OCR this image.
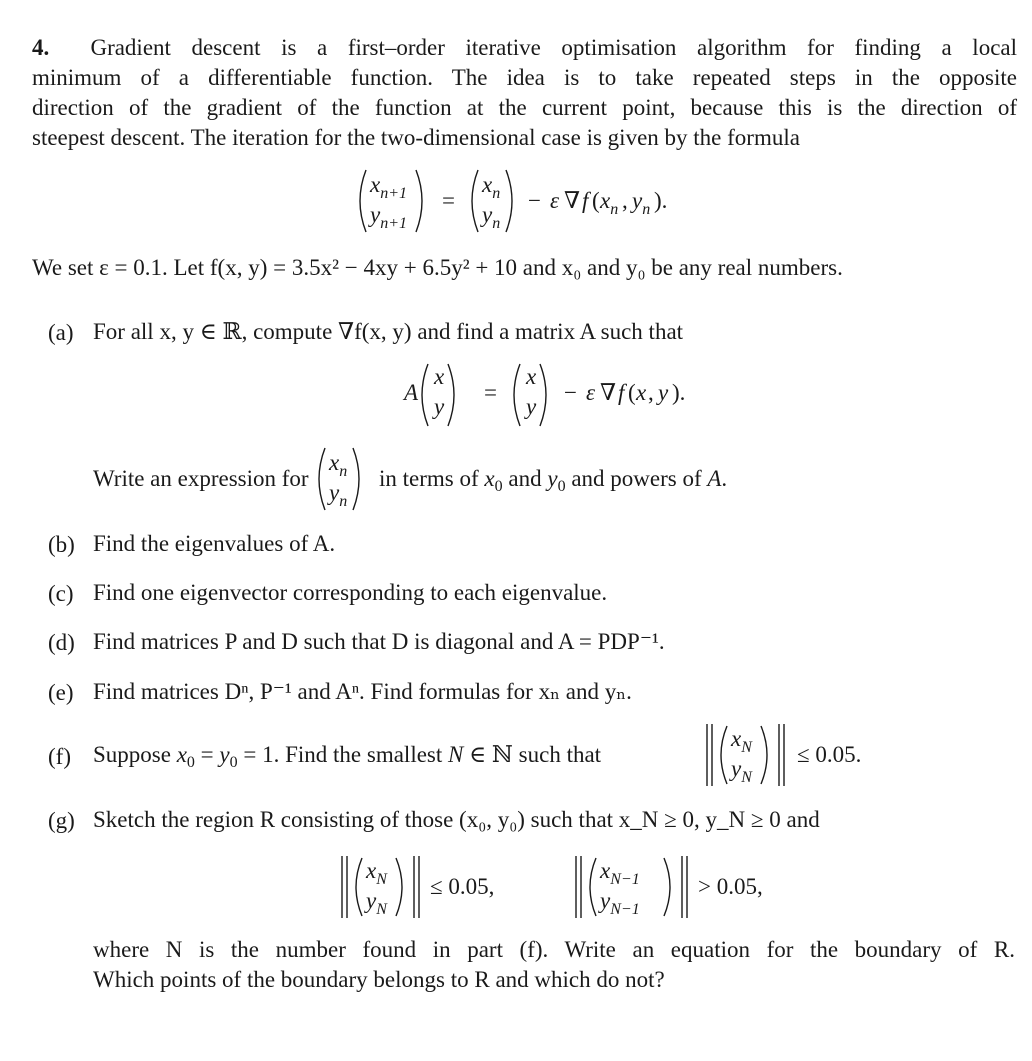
4. Gradient descent is a first–order iterative optimisation algorithm for finding a local
minimum of a differentiable function. The idea is to take repeated steps in the opposite
direction of the gradient of the function at the current point, because this is the direction of
steepest descent. The iteration for the two-dimensional case is given by the formula
$x_{n+1}$
$y_{n+1}$
=
$x_n$
$y_n$
− ε ∇ f ( $x_n$ , $y_n$ ).
We set ε = 0.1. Let f(x, y) = 3.5x² − 4xy + 6.5y² + 10 and x₀ and y₀ be any real numbers.
(a) For all x, y ∈ ℝ, compute ∇f(x, y) and find a matrix A such that
A
x
y
=
x
y
− ε ∇ f ( x , y ).
Write an expression for
$x_n$
$y_n$
in terms of $x_0$ and $y_0$ and powers of A.
(b) Find the eigenvalues of A.
(c) Find one eigenvector corresponding to each eigenvalue.
(d) Find matrices P and D such that D is diagonal and A = PDP⁻¹.
(e) Find matrices Dⁿ, P⁻¹ and Aⁿ. Find formulas for xₙ and yₙ.
(f) Suppose $x_0 = y_0 = 1$. Find the smallest N ∈ ℕ such that
$x_N$
$y_N$
≤ 0.05.
(g) Sketch the region R consisting of those (x₀, y₀) such that x_N ≥ 0, y_N ≥ 0 and
$x_N$
$y_N$
≤ 0.05,
$x_{N-1}$
$y_{N-1}$
> 0.05,
where N is the number found in part (f). Write an equation for the boundary of R.
Which points of the boundary belongs to R and which do not?
